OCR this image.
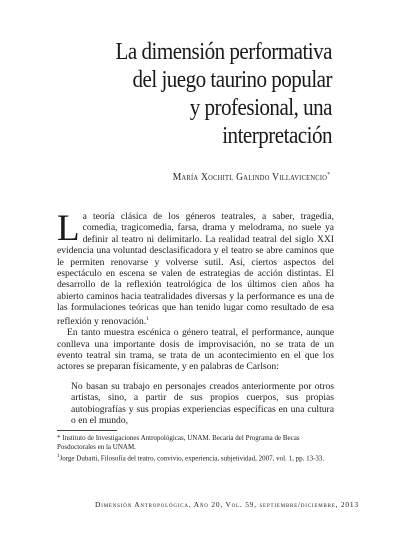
La dimensión performativa
del juego taurino popular
y profesional, una
interpretación
María Xochitl Galindo Villavicencio*

La teoría clásica de los géneros teatrales, a saber, tragedia, comedia, tragicomedia, farsa, drama y melodrama, no suele ya definir al teatro ni delimitarlo. La realidad teatral del siglo XXI evidencia una voluntad desclasificadora y el teatro se abre caminos que le permiten renovarse y volverse sutil. Así, ciertos aspectos del espectáculo en escena se valen de estrategias de acción distintas. El desarrollo de la reflexión teatrológica de los últimos cien años ha abierto caminos hacia teatralidades diversas y la performance es una de las formulaciones teóricas que han tenido lugar como resultado de esa reflexión y renovación.$^1$

En tanto muestra escénica o género teatral, el performance, aunque conlleva una importante dosis de improvisación, no se trata de un evento teatral sin trama, se trata de un acontecimiento en el que los actores se preparan físicamente, y en palabras de Carlson:

No basan su trabajo en personajes creados anteriormente por otros artistas, sino, a partir de sus propios cuerpos, sus propias autobiografías y sus propias experiencias específicas en una cultura o en el mundo,

* Instituto de Investigaciones Antropológicas, UNAM. Becaria del Programa de Becas Posdoctorales en la UNAM.

$^1$Jorge Dubatti, Filosofía del teatro, convivio, experiencia, subjetividad, 2007, vol. 1, pp. 13-33.

Dimensión Antropológica, Año 20, Vol. 59, septiembre/diciembre, 2013
